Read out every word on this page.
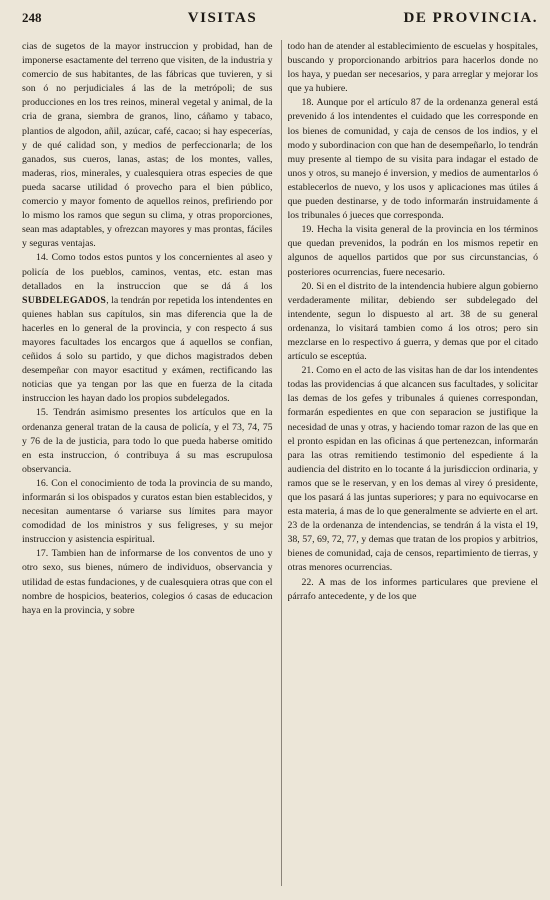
248	VISITAS	DE PROVINCIA.

cias de sugetos de la mayor instruccion y probidad, han de imponerse esactamente del terreno que visiten, de la industria y comercio de sus habitantes, de las fábricas que tuvieren, y si son ó no perjudiciales á las de la metrópoli; de sus producciones en los tres reinos, mineral vegetal y animal, de la cria de grana, siembra de granos, lino, cáñamo y tabaco, plantios de algodon, añil, azúcar, café, cacao; si hay especerías, y de qué calidad son, y medios de perfeccionarla; de los ganados, sus cueros, lanas, astas; de los montes, valles, maderas, rios, minerales, y cualesquiera otras especies de que pueda sacarse utilidad ó provecho para el bien público, comercio y mayor fomento de aquellos reinos, prefiriendo por lo mismo los ramos que segun su clima, y otras proporciones, sean mas adaptables, y ofrezcan mayores y mas prontas, fáciles y seguras ventajas.

14. Como todos estos puntos y los concernientes al aseo y policía de los pueblos, caminos, ventas, etc. estan mas detallados en la instruccion que se dá á los SUBDELEGADOS, la tendrán por repetida los intendentes en quienes hablan sus capítulos, sin mas diferencia que la de hacerles en lo general de la provincia, y con respecto á sus mayores facultades los encargos que á aquellos se confian, ceñidos á solo su partido, y que dichos magistrados deben desempeñar con mayor esactitud y exámen, rectificando las noticias que ya tengan por las que en fuerza de la citada instruccion les hayan dado los propios subdelegados.

15. Tendrán asimismo presentes los artículos que en la ordenanza general tratan de la causa de policía, y el 73, 74, 75 y 76 de la de justicia, para todo lo que pueda haberse omitido en esta instruccion, ó contribuya á su mas escrupulosa observancia.

16. Con el conocimiento de toda la provincia de su mando, informarán si los obispados y curatos estan bien establecidos, y necesitan aumentarse ó variarse sus límites para mayor comodidad de los ministros y sus feligreses, y su mejor instruccion y asistencia espiritual.

17. Tambien han de informarse de los conventos de uno y otro sexo, sus bienes, número de individuos, observancia y utilidad de estas fundaciones, y de cualesquiera otras que con el nombre de hospicios, beaterios, colegios ó casas de educacion haya en la provincia, y sobre

todo han de atender al establecimiento de escuelas y hospitales, buscando y proporcionando arbitrios para hacerlos donde no los haya, y puedan ser necesarios, y para arreglar y mejorar los que ya hubiere.

18. Aunque por el artículo 87 de la ordenanza general está prevenido á los intendentes el cuidado que les corresponde en los bienes de comunidad, y caja de censos de los indios, y el modo y subordinacion con que han de desempeñarlo, lo tendrán muy presente al tiempo de su visita para indagar el estado de unos y otros, su manejo é inversion, y medios de aumentarlos ó establecerlos de nuevo, y los usos y aplicaciones mas útiles á que pueden destinarse, y de todo informarán instruidamente á los tribunales ó jueces que corresponda.

19. Hecha la visita general de la provincia en los términos que quedan prevenidos, la podrán en los mismos repetir en algunos de aquellos partidos que por sus circunstancias, ó posteriores ocurrencias, fuere necesario.

20. Si en el distrito de la intendencia hubiere algun gobierno verdaderamente militar, debiendo ser subdelegado del intendente, segun lo dispuesto al art. 38 de su general ordenanza, lo visitará tambien como á los otros; pero sin mezclarse en lo respectivo á guerra, y demas que por el citado artículo se esceptúa.

21. Como en el acto de las visitas han de dar los intendentes todas las providencias á que alcancen sus facultades, y solicitar las demas de los gefes y tribunales á quienes correspondan, formarán espedientes en que con separacion se justifique la necesidad de unas y otras, y haciendo tomar razon de las que en el pronto espidan en las oficinas á que pertenezcan, informarán para las otras remitiendo testimonio del espediente á la audiencia del distrito en lo tocante á la jurisdiccion ordinaria, y ramos que se le reservan, y en los demas al virey ó presidente, que los pasará á las juntas superiores; y para no equivocarse en esta materia, á mas de lo que generalmente se advierte en el art. 23 de la ordenanza de intendencias, se tendrán á la vista el 19, 38, 57, 69, 72, 77, y demas que tratan de los propios y arbitrios, bienes de comunidad, caja de censos, repartimiento de tierras, y otras menores ocurrencias.

22. A mas de los informes particulares que previene el párrafo antecedente, y de los que
